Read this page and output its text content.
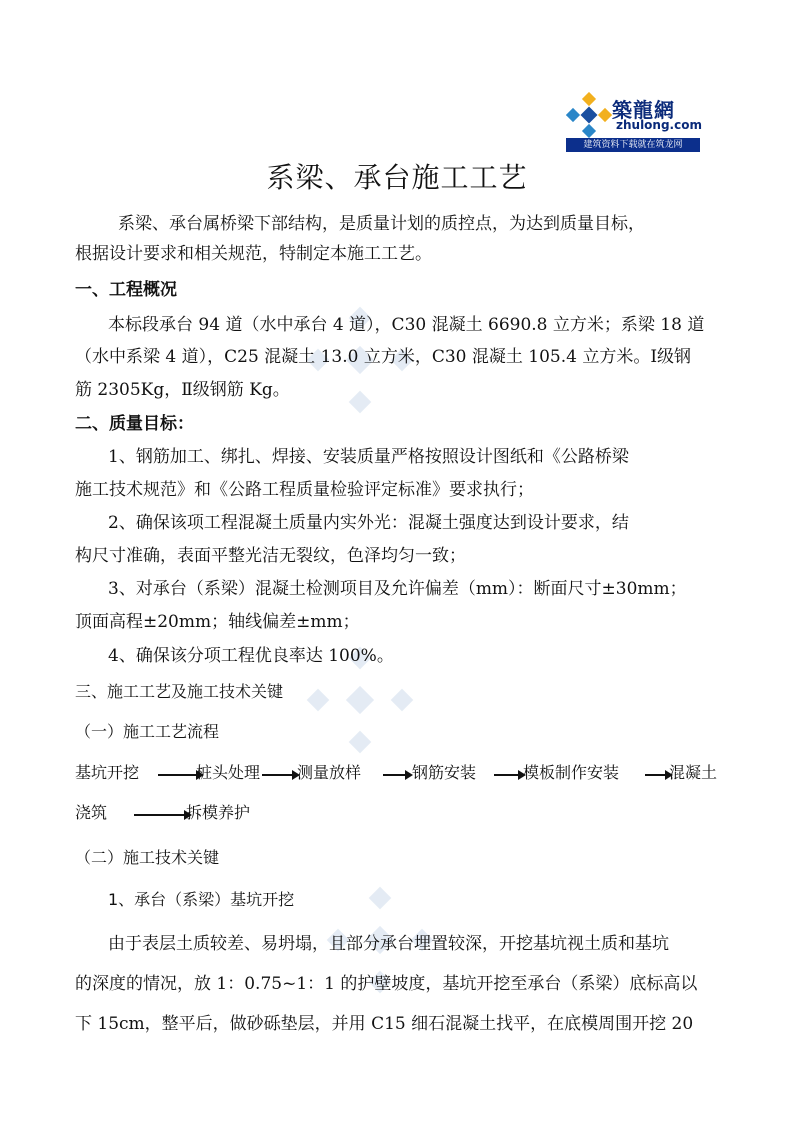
築龍網
zhulong.com
建筑资料下载就在筑龙网
系梁、承台施工工艺
系梁、承台属桥梁下部结构，是质量计划的质控点，为达到质量目标，
根据设计要求和相关规范，特制定本施工工艺。
一、工程概况
本标段承台 94 道（水中承台 4 道），C30 混凝土 6690.8 立方米；系梁 18 道
（水中系梁 4 道），C25 混凝土 13.0 立方米，C30 混凝土 105.4 立方米。Ⅰ级钢
筋 2305Kg，Ⅱ级钢筋 Kg。
二、质量目标：
1、钢筋加工、绑扎、焊接、安装质量严格按照设计图纸和《公路桥梁
施工技术规范》和《公路工程质量检验评定标准》要求执行；
2、确保该项工程混凝土质量内实外光：混凝土强度达到设计要求，结
构尺寸准确，表面平整光洁无裂纹，色泽均匀一致；
3、对承台（系梁）混凝土检测项目及允许偏差（mm）：断面尺寸±30mm；
顶面高程±20mm；轴线偏差±mm；
4、确保该分项工程优良率达 100%。
三、施工工艺及施工技术关键
（一）施工工艺流程
基坑开挖	桩头处理 测量放样	钢筋安装	模板制作安装	混凝土
浇筑	拆模养护
（二）施工技术关键
1、承台（系梁）基坑开挖
由于表层土质较差、易坍塌，且部分承台埋置较深，开挖基坑视土质和基坑
的深度的情况，放 1：0.75~1：1 的护壁坡度，基坑开挖至承台（系梁）底标高以
下 15cm，整平后，做砂砾垫层，并用 C15 细石混凝土找平，在底模周围开挖 20
